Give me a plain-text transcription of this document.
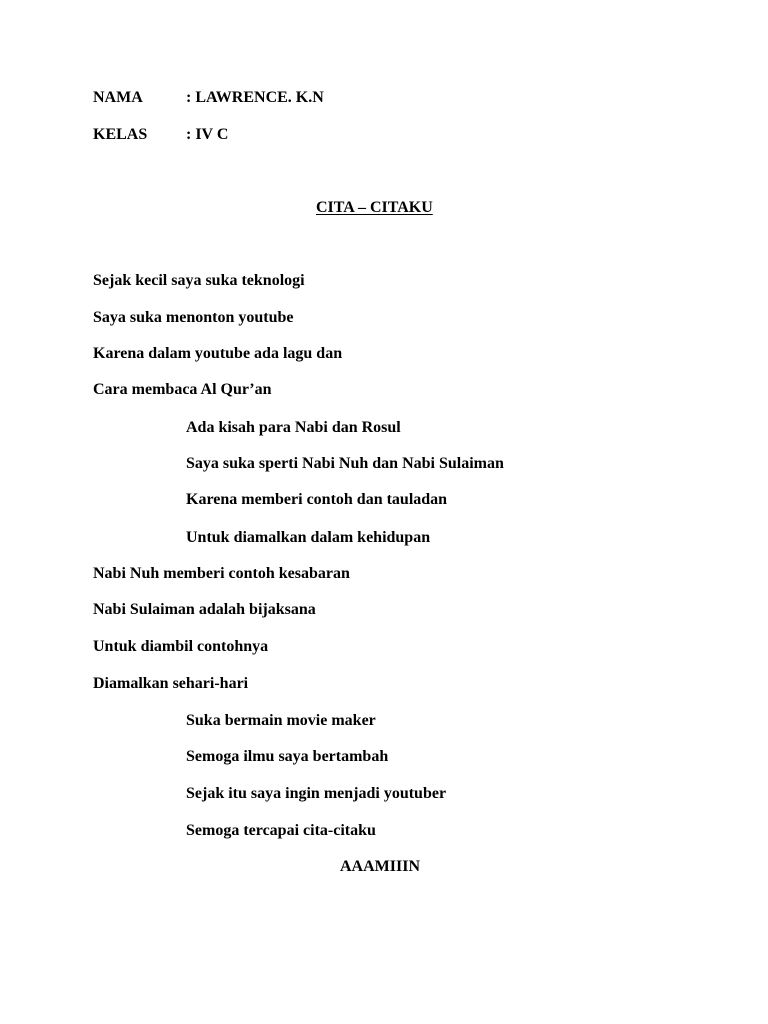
NAMA	: LAWRENCE. K.N
KELAS : IV C
CITA – CITAKU
Sejak kecil saya suka teknologi
Saya suka menonton youtube
Karena dalam youtube ada lagu dan
Cara membaca Al Qur’an
Ada kisah para Nabi dan Rosul
Saya suka sperti Nabi Nuh dan Nabi Sulaiman
Karena memberi contoh dan tauladan
Untuk diamalkan dalam kehidupan
Nabi Nuh memberi contoh kesabaran
Nabi Sulaiman adalah bijaksana
Untuk diambil contohnya
Diamalkan sehari-hari
Suka bermain movie maker
Semoga ilmu saya bertambah
Sejak itu saya ingin menjadi youtuber
Semoga tercapai cita-citaku
AAAMIIIN
